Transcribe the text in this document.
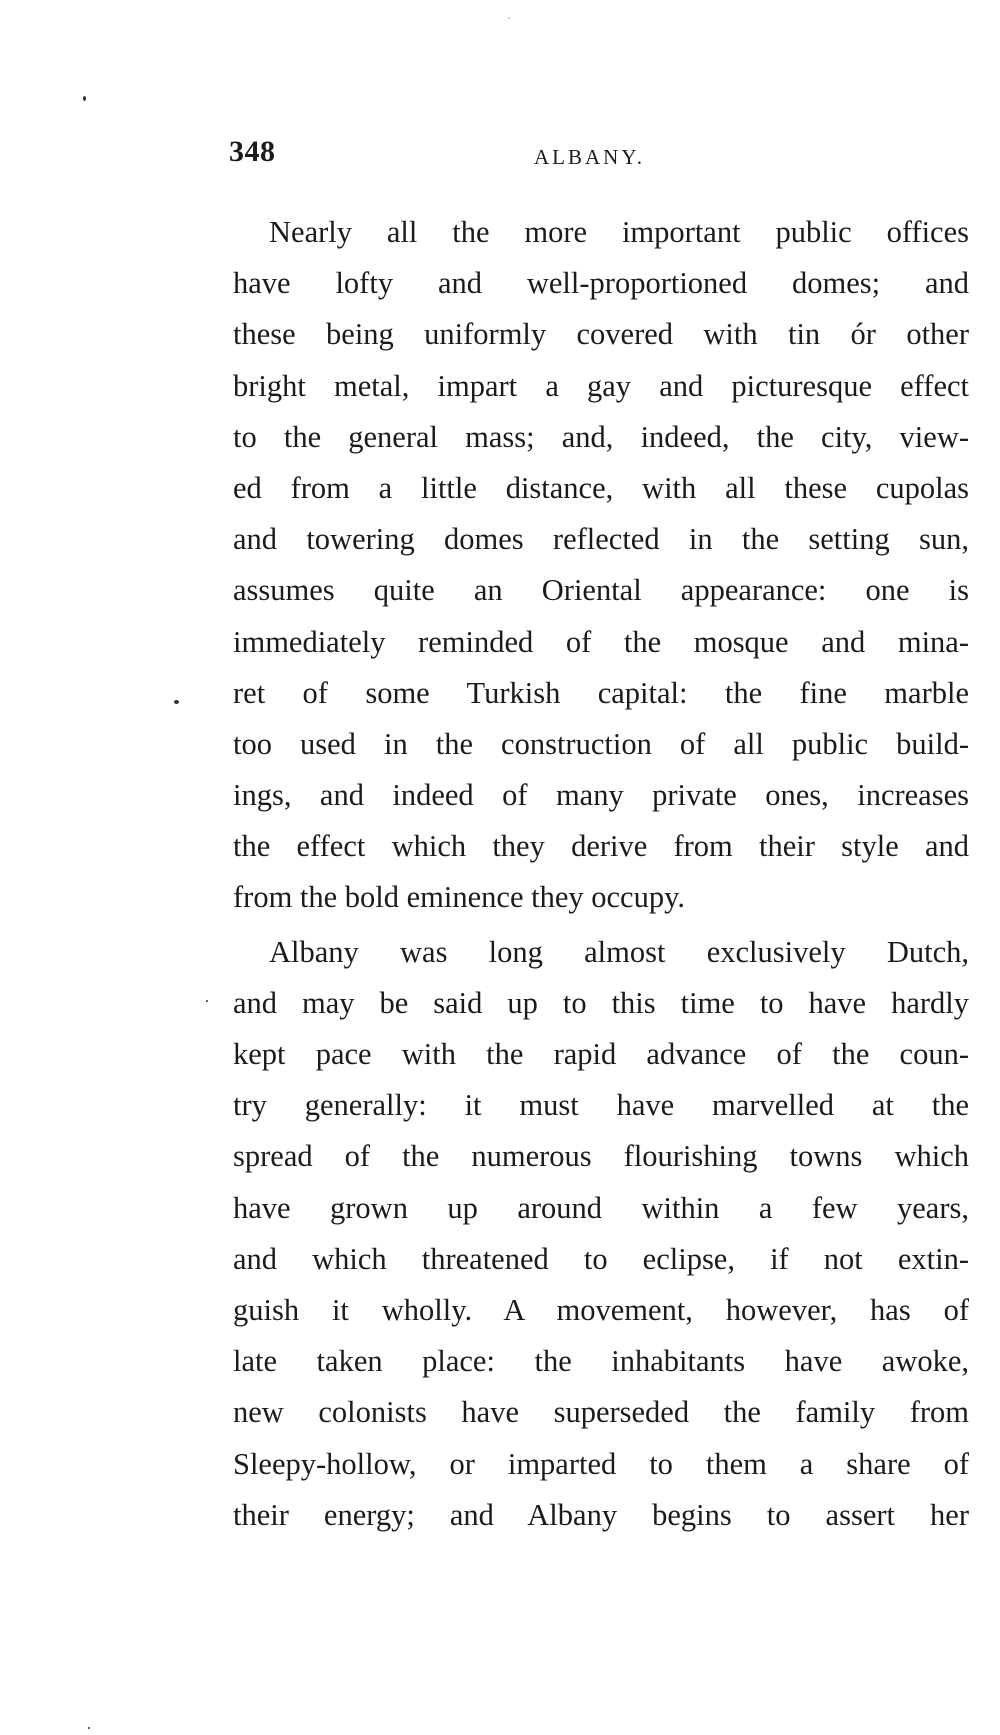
348	ALBANY.
Nearly all the more important public offices
have lofty and well-proportioned domes; and
these being uniformly covered with tin ór other
bright metal, impart a gay and picturesque effect
to the general mass; and, indeed, the city, view-
ed from a little distance, with all these cupolas
and towering domes reflected in the setting sun,
assumes quite an Oriental appearance: one is
immediately reminded of the mosque and mina-
ret of some Turkish capital: the fine marble
too used in the construction of all public build-
ings, and indeed of many private ones, increases
the effect which they derive from their style and
from the bold eminence they occupy.
Albany was long almost exclusively Dutch,
and may be said up to this time to have hardly
kept pace with the rapid advance of the coun-
try generally: it must have marvelled at the
spread of the numerous flourishing towns which
have grown up around within a few years,
and which threatened to eclipse, if not extin-
guish it wholly. A movement, however, has of
late taken place: the inhabitants have awoke,
new colonists have superseded the family from
Sleepy-hollow, or imparted to them a share of
their energy; and Albany begins to assert her
